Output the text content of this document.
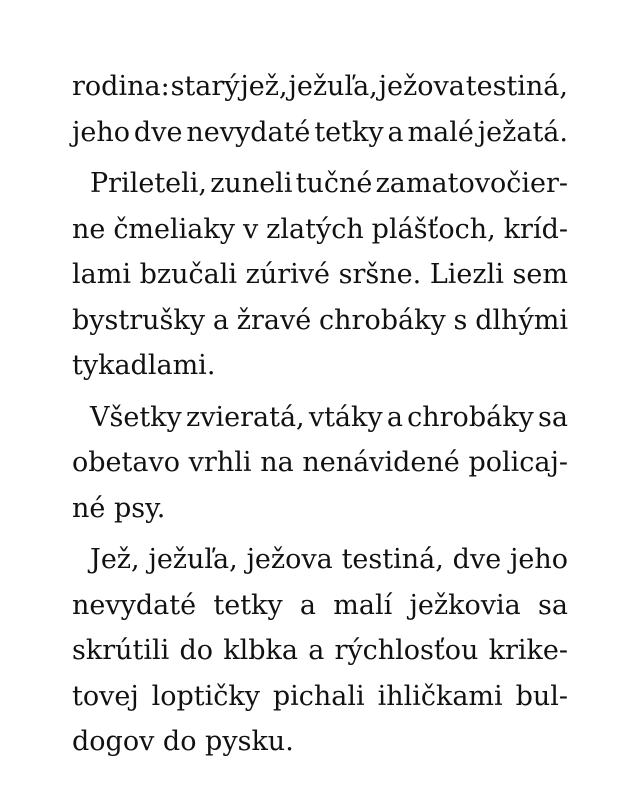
rodina: starý jež, ježuľa, ježova testiná,
jeho dve nevydaté tetky a malé ježatá.
Prileteli, zuneli tučné zamatovočier-
ne čmeliaky v zlatých plášťoch, kríd-
lami bzučali zúrivé sršne. Liezli sem
bystrušky a žravé chrobáky s dlhými
tykadlami.
Všetky zvieratá, vtáky a chrobáky sa
obetavo vrhli na nenávidené policaj-
né psy.
Jež, ježuľa, ježova testiná, dve jeho
nevydaté tetky a malí ježkovia sa
skrútili do klbka a rýchlosťou krike-
tovej loptičky pichali ihličkami bul-
dogov do pysku.
